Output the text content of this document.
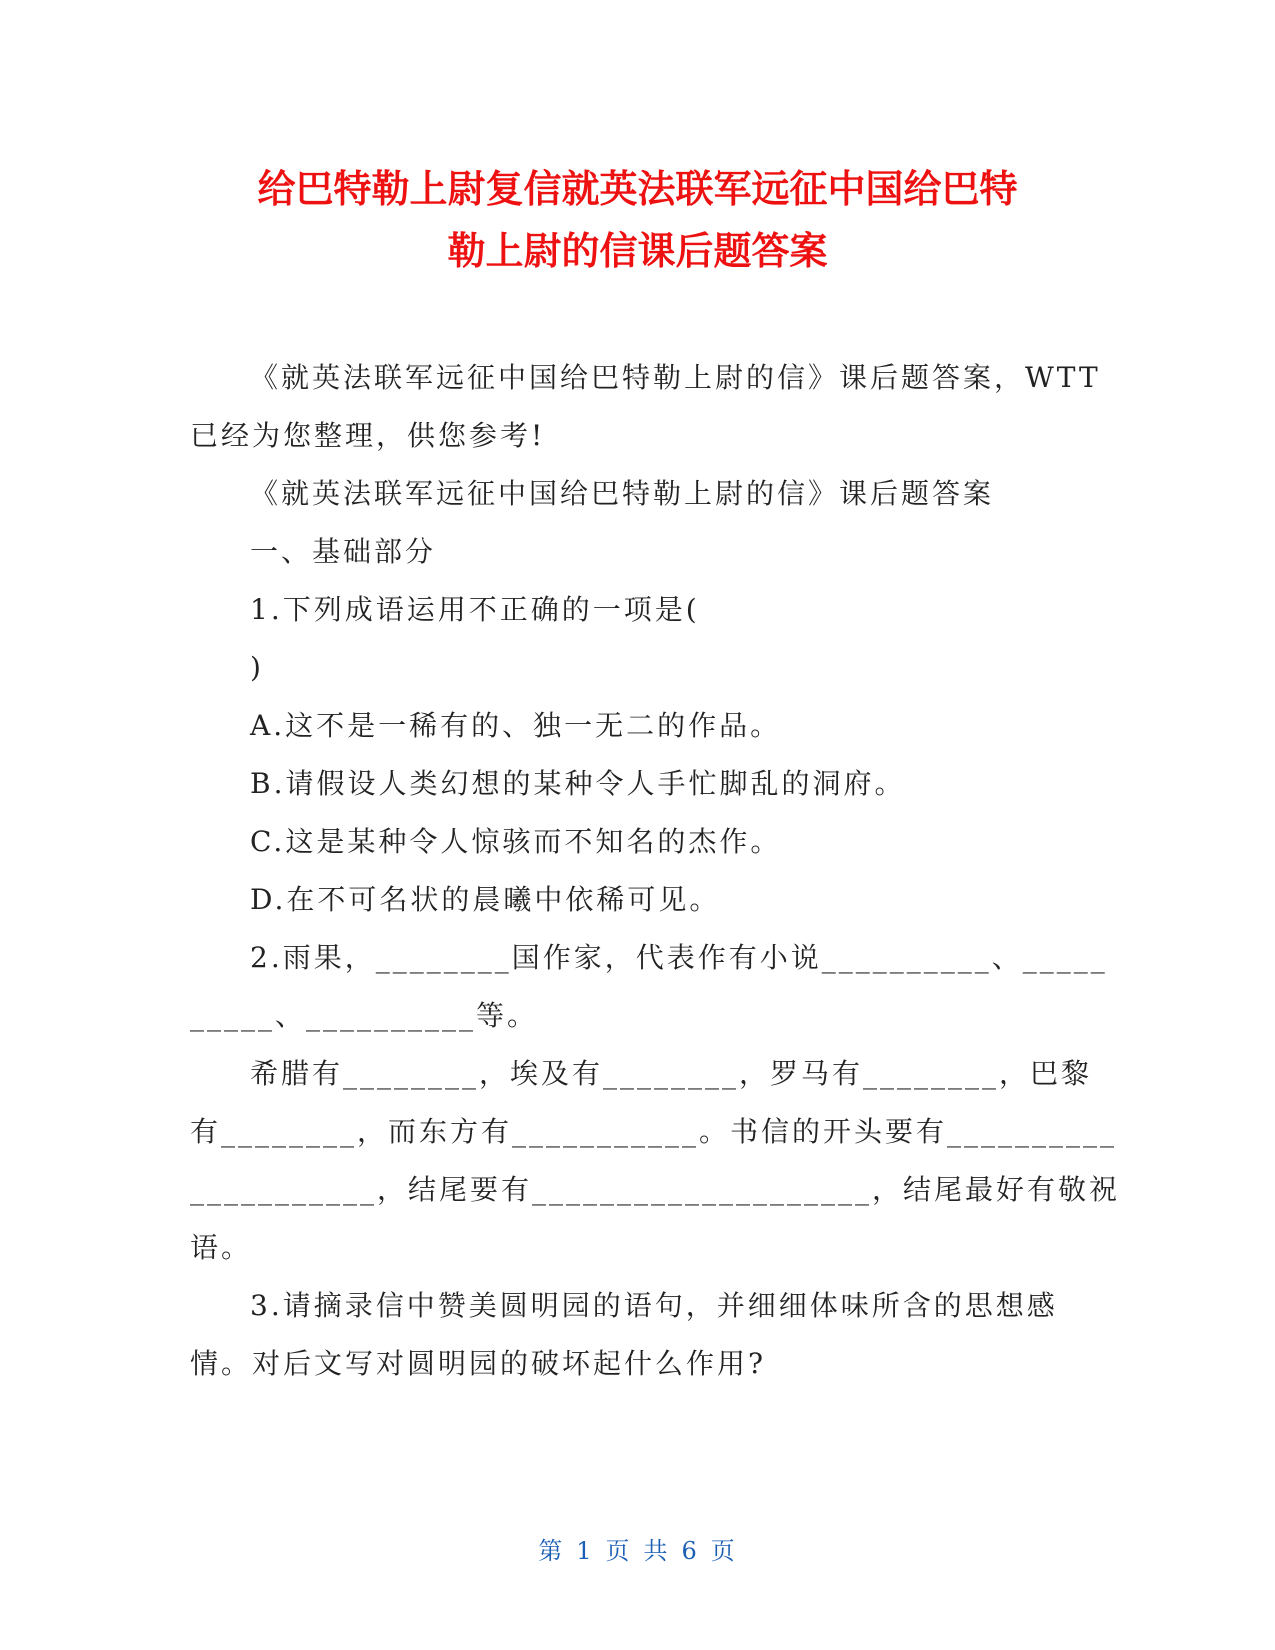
给巴特勒上尉复信就英法联军远征中国给巴特
勒上尉的信课后题答案

《就英法联军远征中国给巴特勒上尉的信》课后题答案，WTT

已经为您整理，供您参考!

《就英法联军远征中国给巴特勒上尉的信》课后题答案

一、基础部分

1.下列成语运用不正确的一项是(

)

A.这不是一稀有的、独一无二的作品。

B.请假设人类幻想的某种令人手忙脚乱的洞府。

C.这是某种令人惊骇而不知名的杰作。

D.在不可名状的晨曦中依稀可见。

2.雨果，________国作家，代表作有小说__________、_____

_____、__________等。

希腊有________，埃及有________，罗马有________，巴黎

有________，而东方有___________。书信的开头要有__________

___________，结尾要有____________________，结尾最好有敬祝

语。

3.请摘录信中赞美圆明园的语句，并细细体味所含的思想感

情。对后文写对圆明园的破坏起什么作用?

第 1 页 共 6 页
